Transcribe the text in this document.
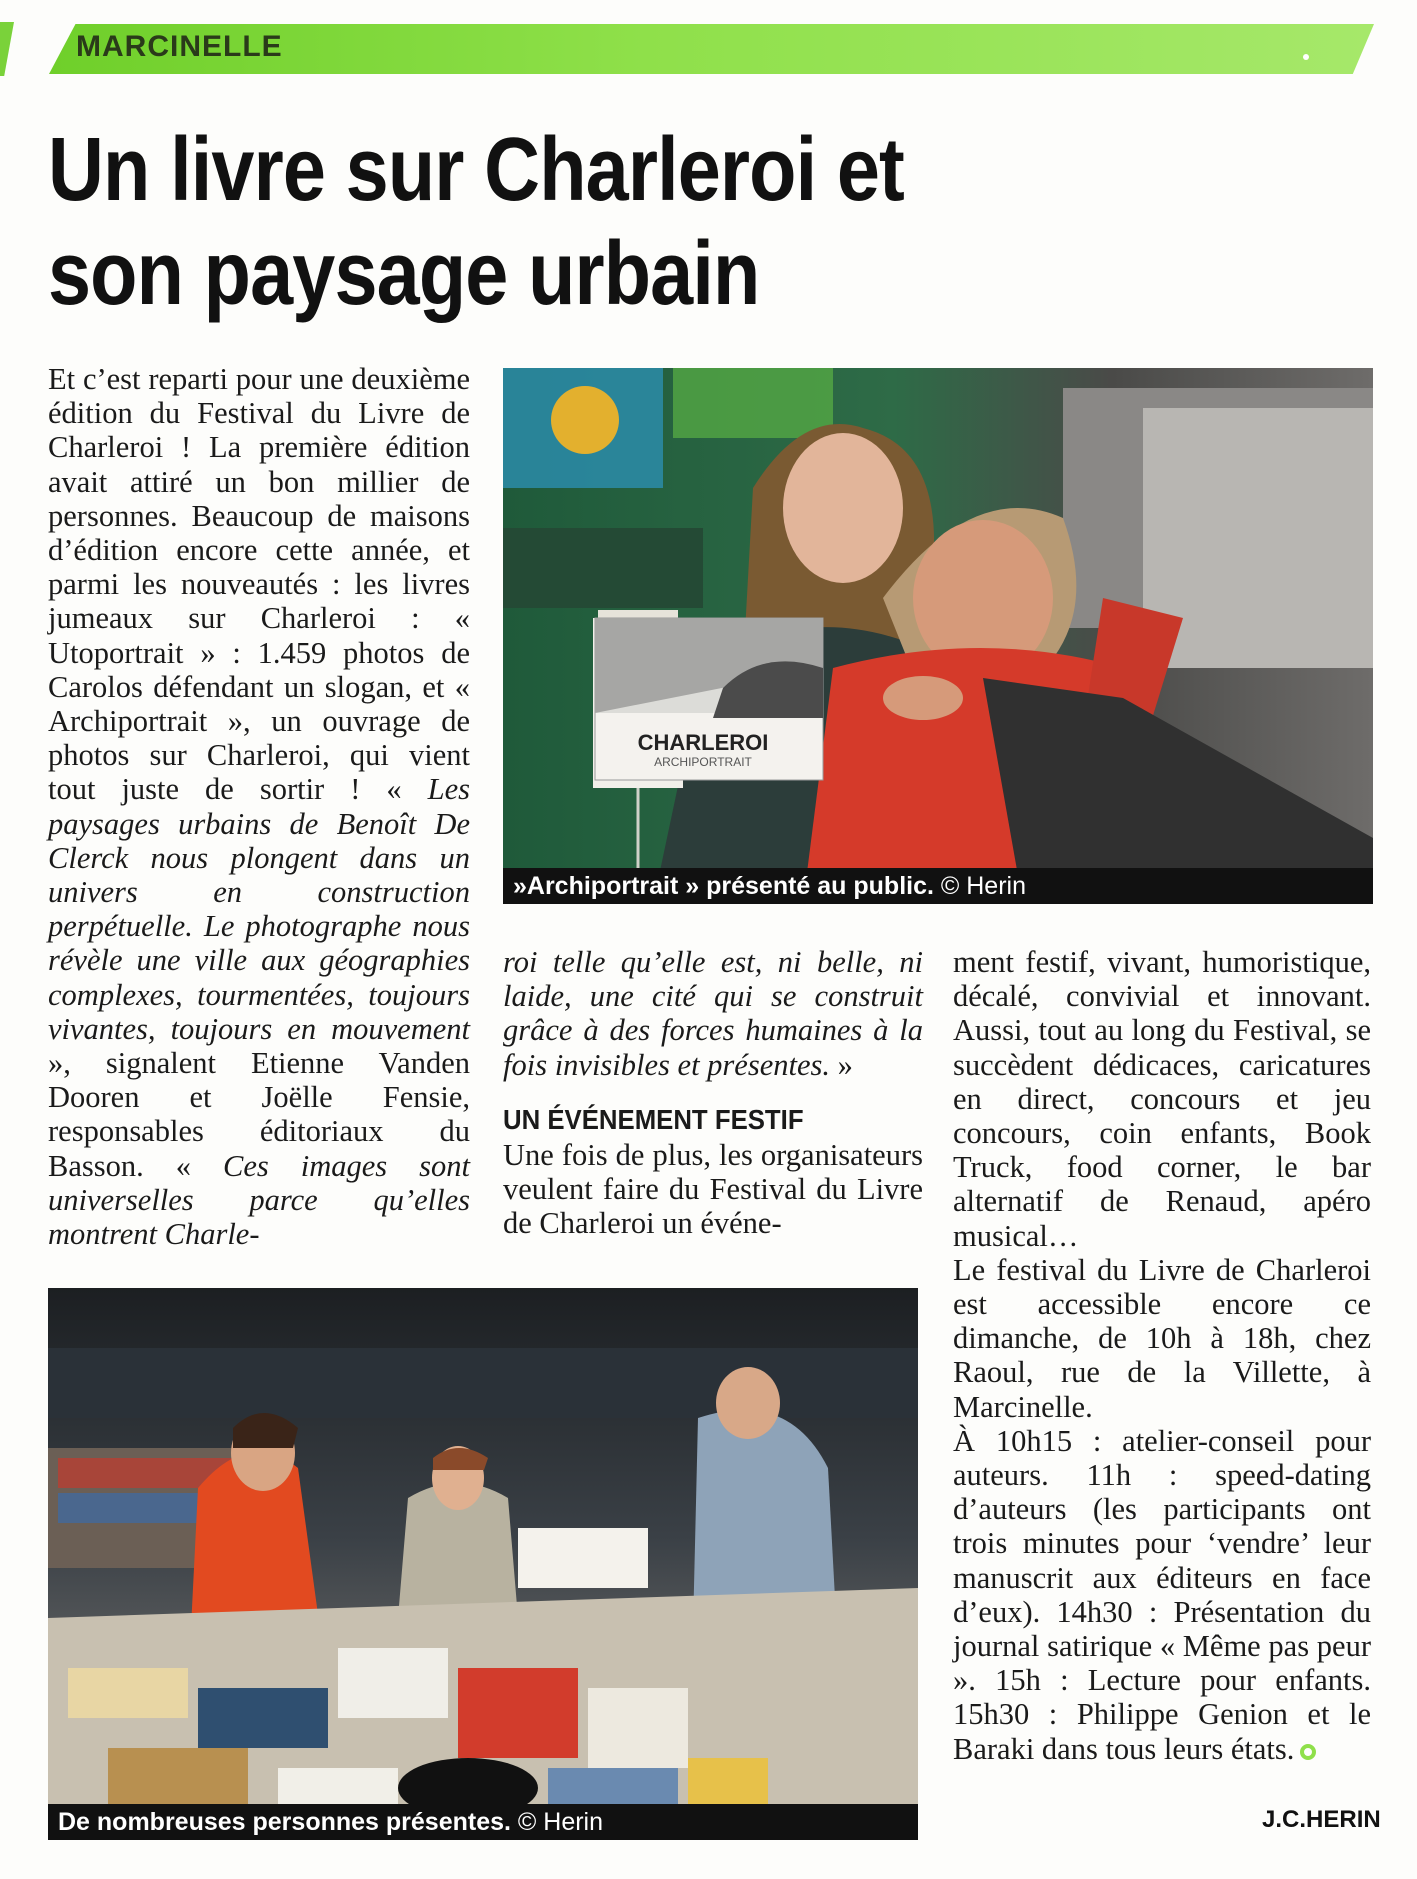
MARCINELLE
Un livre sur Charleroi et son paysage urbain

Et c’est reparti pour une deuxième édition du Festival du Livre de Charleroi ! La première édition avait attiré un bon millier de personnes. Beaucoup de maisons d’édition encore cette année, et parmi les nouveautés : les livres jumeaux sur Charleroi : « Utoportrait » : 1.459 photos de Carolos défendant un slogan, et « Archiportrait », un ouvrage de photos sur Charleroi, qui vient tout juste de sortir ! « Les paysages urbains de Benoît De Clerck nous plongent dans un univers en construction perpétuelle. Le photographe nous révèle une ville aux géographies complexes, tourmentées, toujours vivantes, toujours en mouvement », signalent Etienne Vanden Dooren et Joëlle Fensie, responsables éditoriaux du Basson. « Ces images sont universelles parce qu’elles montrent Charle-

roi telle qu’elle est, ni belle, ni laide, une cité qui se construit grâce à des forces humaines à la fois invisibles et présentes. »
UN ÉVÉNEMENT FESTIF
Une fois de plus, les organisateurs veulent faire du Festival du Livre de Charleroi un événe-
ment festif, vivant, humoristique, décalé, convivial et innovant. Aussi, tout au long du Festival, se succèdent dédicaces, caricatures en direct, concours et jeu concours, coin enfants, Book Truck, food corner, le bar alternatif de Renaud, apéro musical…
Le festival du Livre de Charleroi est accessible encore ce dimanche, de 10h à 18h, chez Raoul, rue de la Villette, à Marcinelle.
À 10h15 : atelier-conseil pour auteurs. 11h : speed-dating d’auteurs (les participants ont trois minutes pour ‘vendre’ leur manuscrit aux éditeurs en face d’eux). 14h30 : Présentation du journal satirique « Même pas peur ». 15h : Lecture pour enfants. 15h30 : Philippe Genion et le Baraki dans tous leurs états.
CHARLEROI
ARCHIPORTRAIT
»Archiportrait » présenté au public. © Herin
De nombreuses personnes présentes. © Herin	J.C.HERIN
